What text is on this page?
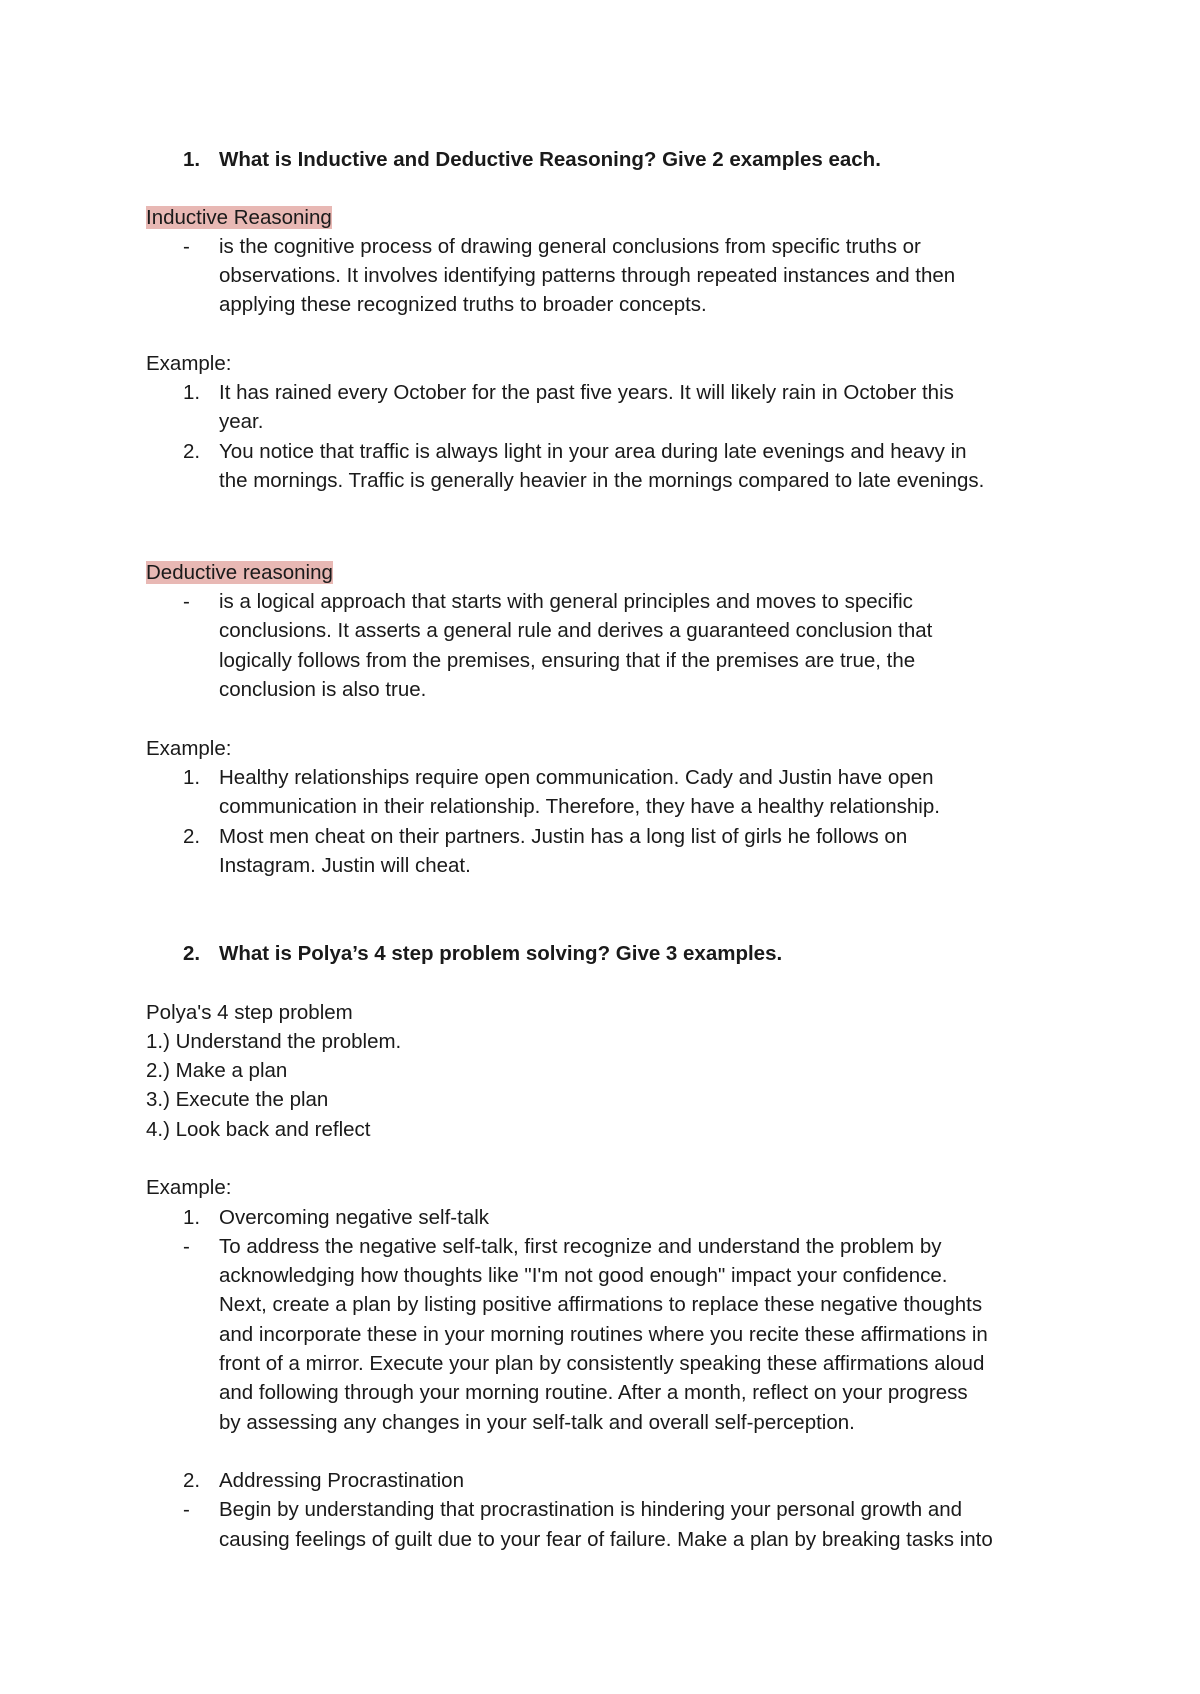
1. What is Inductive and Deductive Reasoning? Give 2 examples each.
Inductive Reasoning
- is the cognitive process of drawing general conclusions from specific truths or
observations. It involves identifying patterns through repeated instances and then
applying these recognized truths to broader concepts.
Example:
1. It has rained every October for the past five years. It will likely rain in October this
year.
2. You notice that traffic is always light in your area during late evenings and heavy in
the mornings. Traffic is generally heavier in the mornings compared to late evenings.
Deductive reasoning
- is a logical approach that starts with general principles and moves to specific
conclusions. It asserts a general rule and derives a guaranteed conclusion that
logically follows from the premises, ensuring that if the premises are true, the
conclusion is also true.
Example:
1. Healthy relationships require open communication. Cady and Justin have open
communication in their relationship. Therefore, they have a healthy relationship.
2. Most men cheat on their partners. Justin has a long list of girls he follows on
Instagram. Justin will cheat.
2. What is Polya’s 4 step problem solving? Give 3 examples.
Polya's 4 step problem
1.) Understand the problem.
2.) Make a plan
3.) Execute the plan
4.) Look back and reflect
Example:
1. Overcoming negative self-talk
- To address the negative self-talk, first recognize and understand the problem by
acknowledging how thoughts like "I'm not good enough" impact your confidence.
Next, create a plan by listing positive affirmations to replace these negative thoughts
and incorporate these in your morning routines where you recite these affirmations in
front of a mirror. Execute your plan by consistently speaking these affirmations aloud
and following through your morning routine. After a month, reflect on your progress
by assessing any changes in your self-talk and overall self-perception.
2. Addressing Procrastination
- Begin by understanding that procrastination is hindering your personal growth and
causing feelings of guilt due to your fear of failure. Make a plan by breaking tasks into
